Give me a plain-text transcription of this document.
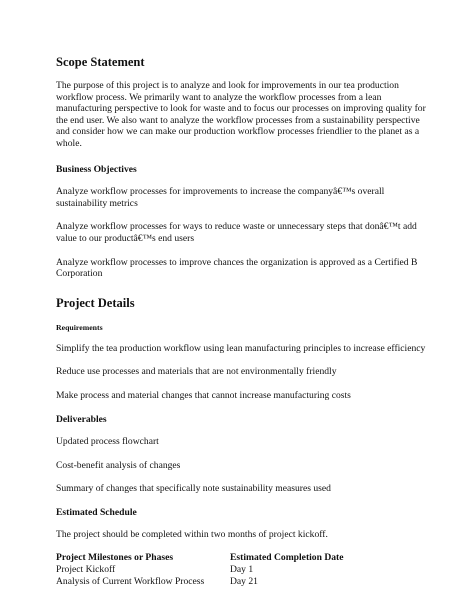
Scope Statement

The purpose of this project is to analyze and look for improvements in our tea production workflow process. We primarily want to analyze the workflow processes from a lean manufacturing perspective to look for waste and to focus our processes on improving quality for the end user. We also want to analyze the workflow processes from a sustainability perspective and consider how we can make our production workflow processes friendlier to the planet as a whole.

Business Objectives

Analyze workflow processes for improvements to increase the companyâ€™s overall sustainability metrics

Analyze workflow processes for ways to reduce waste or unnecessary steps that donâ€™t add value to our productâ€™s end users

Analyze workflow processes to improve chances the organization is approved as a Certified B Corporation

Project Details
Requirements

Simplify the tea production workflow using lean manufacturing principles to increase efficiency

Reduce use processes and materials that are not environmentally friendly

Make process and material changes that cannot increase manufacturing costs

Deliverables

Updated process flowchart

Cost-benefit analysis of changes

Summary of changes that specifically note sustainability measures used

Estimated Schedule

The project should be completed within two months of project kickoff.

Project Milestones or Phases	Estimated Completion Date
Project Kickoff	Day 1
Analysis of Current Workflow Process	Day 21
